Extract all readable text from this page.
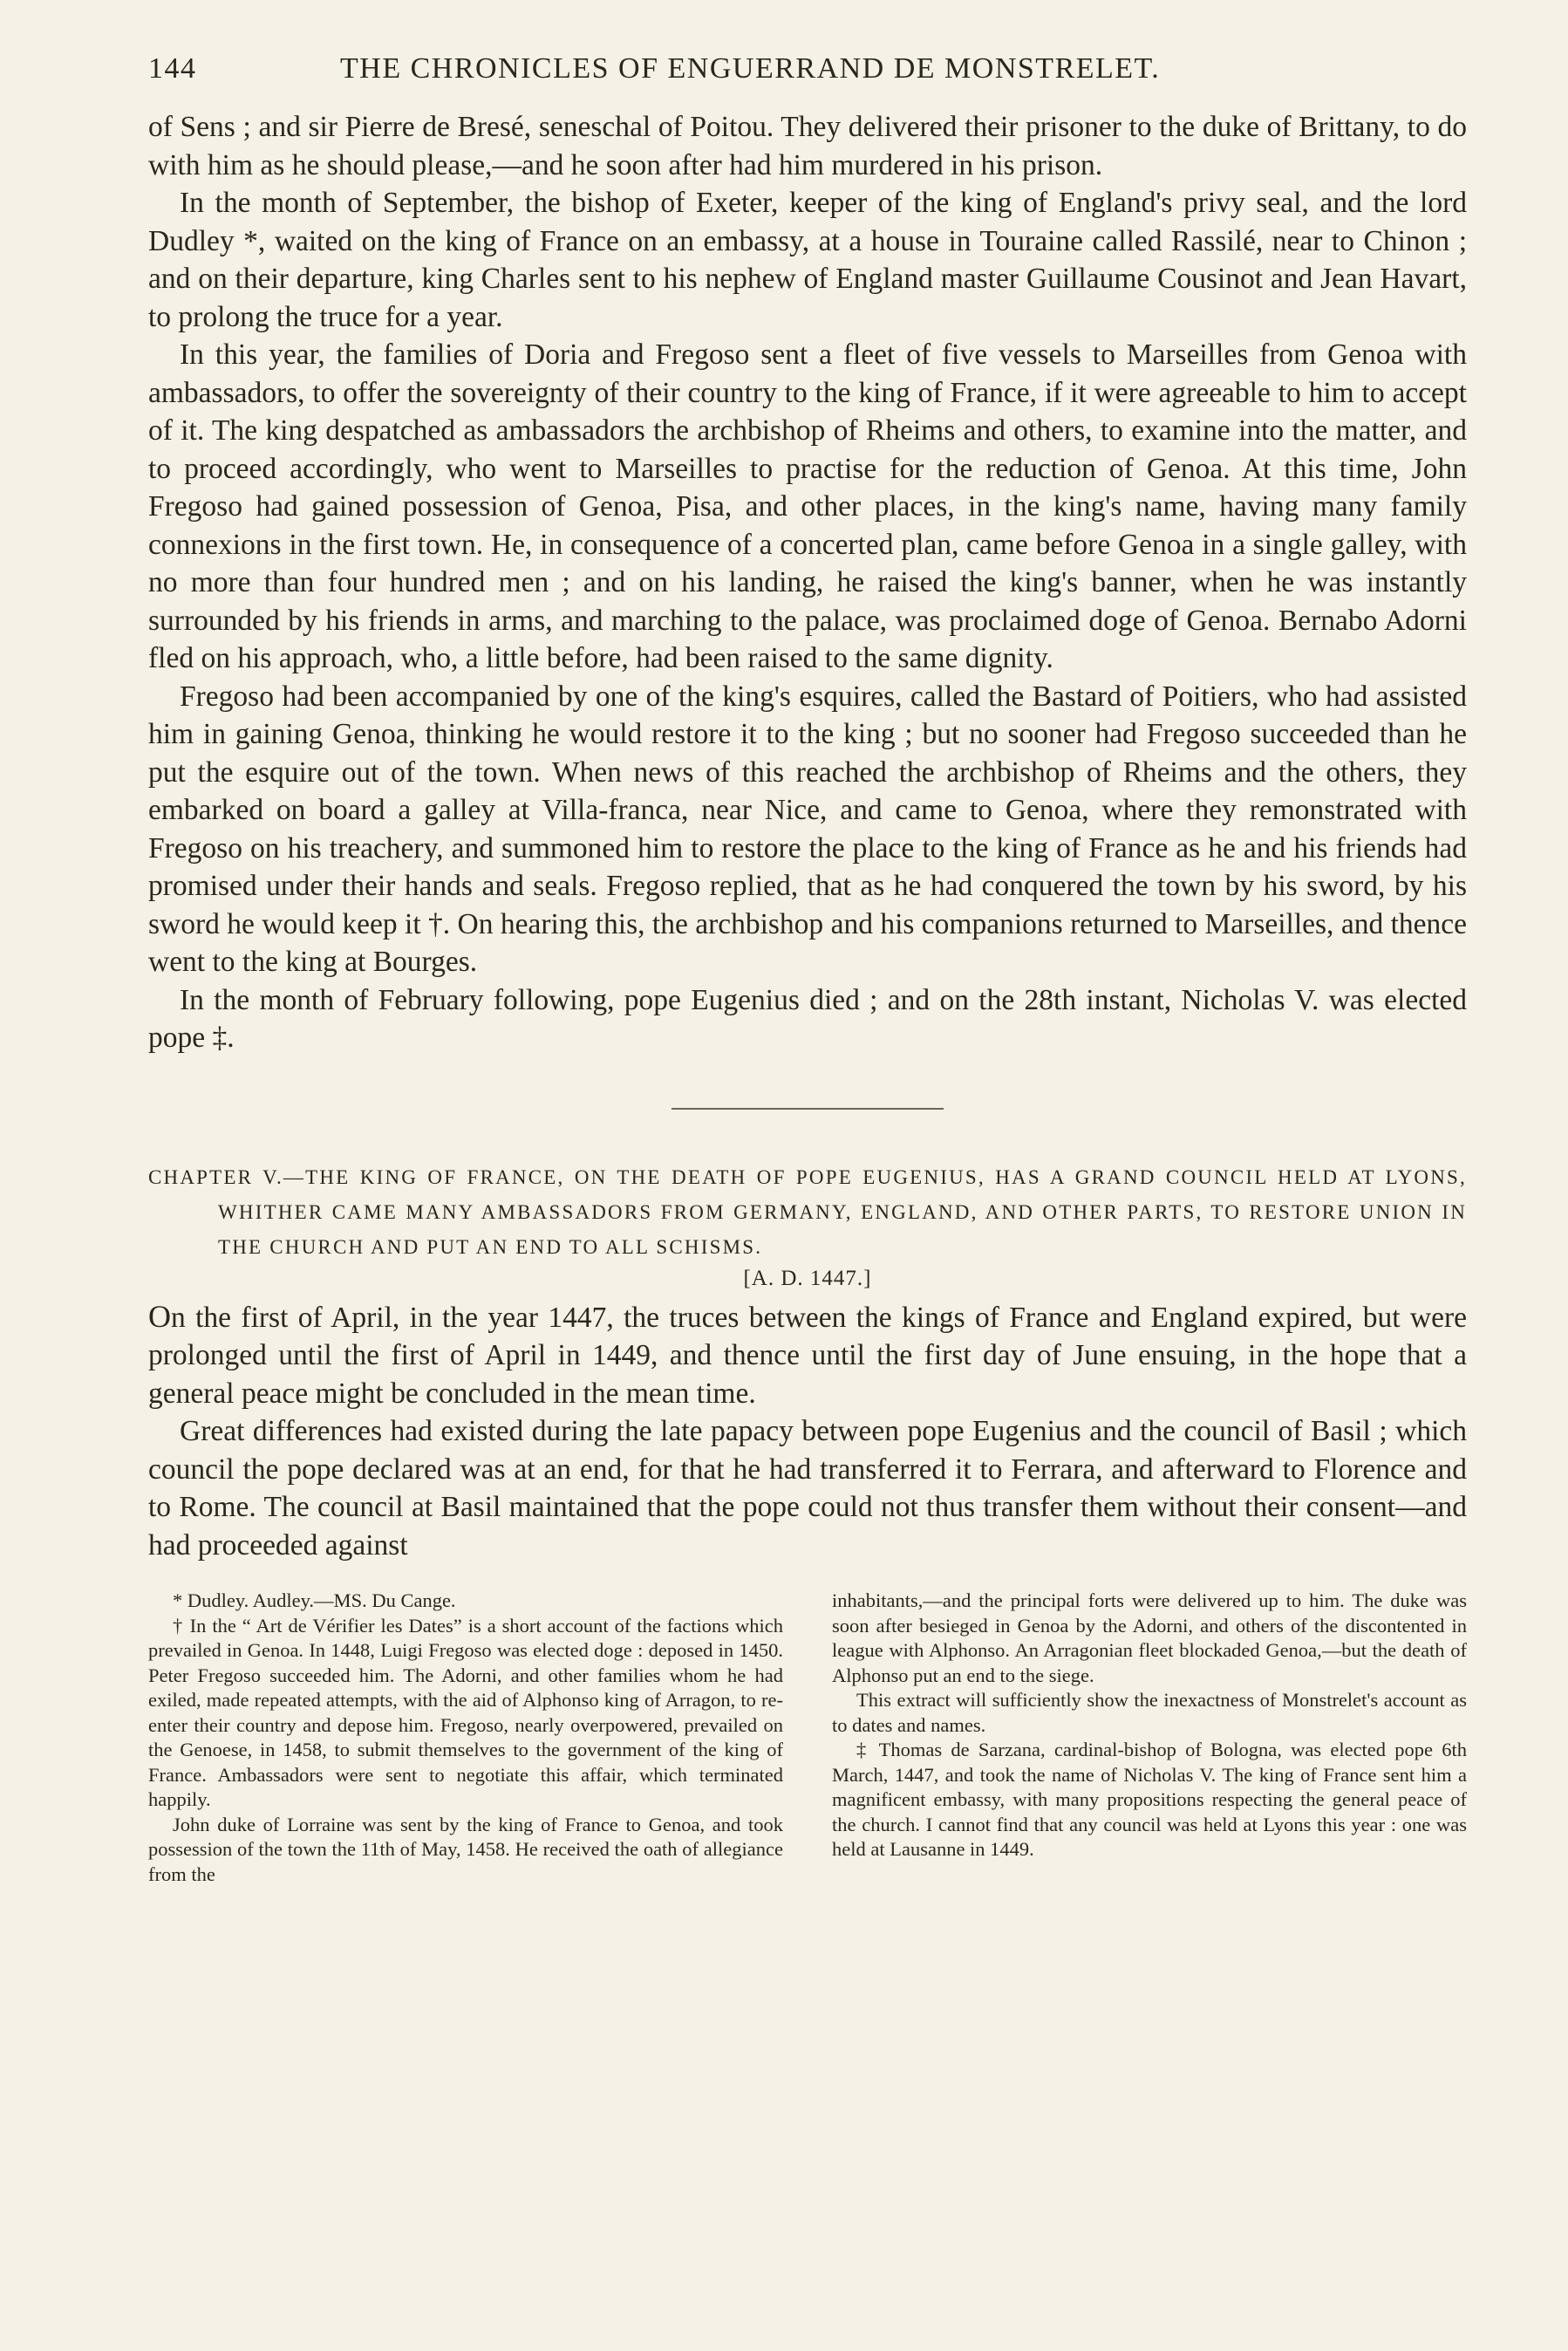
144	THE CHRONICLES OF ENGUERRAND DE MONSTRELET.

of Sens ; and sir Pierre de Bresé, seneschal of Poitou. They delivered their prisoner to the duke of Brittany, to do with him as he should please,—and he soon after had him murdered in his prison.

In the month of September, the bishop of Exeter, keeper of the king of England's privy seal, and the lord Dudley *, waited on the king of France on an embassy, at a house in Touraine called Rassilé, near to Chinon ; and on their departure, king Charles sent to his nephew of England master Guillaume Cousinot and Jean Havart, to prolong the truce for a year.

In this year, the families of Doria and Fregoso sent a fleet of five vessels to Marseilles from Genoa with ambassadors, to offer the sovereignty of their country to the king of France, if it were agreeable to him to accept of it. The king despatched as ambassadors the archbishop of Rheims and others, to examine into the matter, and to proceed accordingly, who went to Marseilles to practise for the reduction of Genoa. At this time, John Fregoso had gained possession of Genoa, Pisa, and other places, in the king's name, having many family connexions in the first town. He, in consequence of a concerted plan, came before Genoa in a single galley, with no more than four hundred men ; and on his landing, he raised the king's banner, when he was instantly surrounded by his friends in arms, and marching to the palace, was proclaimed doge of Genoa. Bernabo Adorni fled on his approach, who, a little before, had been raised to the same dignity.

Fregoso had been accompanied by one of the king's esquires, called the Bastard of Poitiers, who had assisted him in gaining Genoa, thinking he would restore it to the king ; but no sooner had Fregoso succeeded than he put the esquire out of the town. When news of this reached the archbishop of Rheims and the others, they embarked on board a galley at Villa-franca, near Nice, and came to Genoa, where they remonstrated with Fregoso on his treachery, and summoned him to restore the place to the king of France as he and his friends had promised under their hands and seals. Fregoso replied, that as he had conquered the town by his sword, by his sword he would keep it †. On hearing this, the archbishop and his companions returned to Marseilles, and thence went to the king at Bourges.

In the month of February following, pope Eugenius died ; and on the 28th instant, Nicholas V. was elected pope ‡.

CHAPTER V.—THE KING OF FRANCE, ON THE DEATH OF POPE EUGENIUS, HAS A GRAND COUNCIL HELD AT LYONS, WHITHER CAME MANY AMBASSADORS FROM GERMANY, ENGLAND, AND OTHER PARTS, TO RESTORE UNION IN THE CHURCH AND PUT AN END TO ALL SCHISMS.
[A. D. 1447.]

On the first of April, in the year 1447, the truces between the kings of France and England expired, but were prolonged until the first of April in 1449, and thence until the first day of June ensuing, in the hope that a general peace might be concluded in the mean time.

Great differences had existed during the late papacy between pope Eugenius and the council of Basil ; which council the pope declared was at an end, for that he had transferred it to Ferrara, and afterward to Florence and to Rome. The council at Basil maintained that the pope could not thus transfer them without their consent—and had proceeded against

* Dudley. Audley.—MS. Du Cange.

† In the “ Art de Vérifier les Dates” is a short account of the factions which prevailed in Genoa. In 1448, Luigi Fregoso was elected doge : deposed in 1450. Peter Fregoso succeeded him. The Adorni, and other families whom he had exiled, made repeated attempts, with the aid of Alphonso king of Arragon, to re-enter their country and depose him. Fregoso, nearly overpowered, prevailed on the Genoese, in 1458, to submit themselves to the government of the king of France. Ambassadors were sent to negotiate this affair, which terminated happily.

John duke of Lorraine was sent by the king of France to Genoa, and took possession of the town the 11th of May, 1458. He received the oath of allegiance from the

inhabitants,—and the principal forts were delivered up to him. The duke was soon after besieged in Genoa by the Adorni, and others of the discontented in league with Alphonso. An Arragonian fleet blockaded Genoa,—but the death of Alphonso put an end to the siege.

This extract will sufficiently show the inexactness of Monstrelet's account as to dates and names.

‡ Thomas de Sarzana, cardinal-bishop of Bologna, was elected pope 6th March, 1447, and took the name of Nicholas V. The king of France sent him a magnificent embassy, with many propositions respecting the general peace of the church. I cannot find that any council was held at Lyons this year : one was held at Lausanne in 1449.
